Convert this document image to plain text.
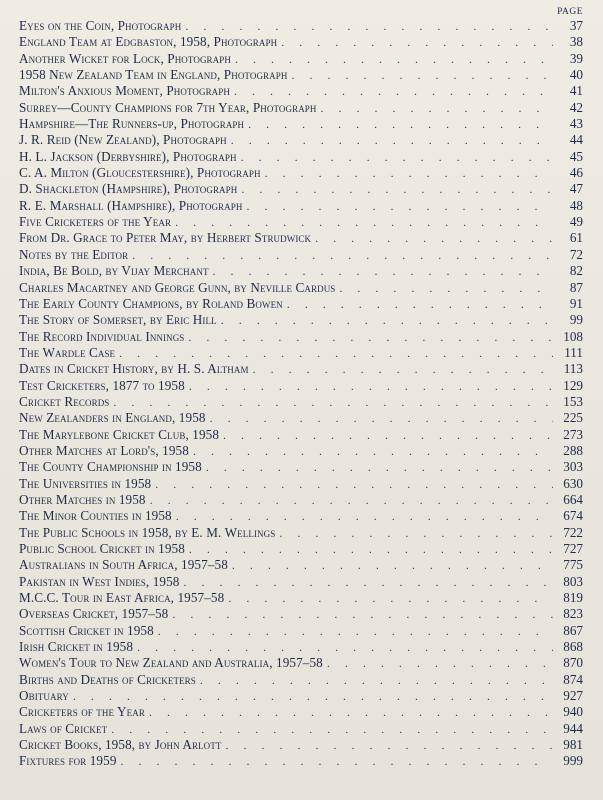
PAGE
Eyes on the Coin, Photograph . . .	37
England Team at Edgbaston, 1958, Photograph . . .	38
Another Wicket for Lock, Photograph . . .	39
1958 New Zealand Team in England, Photograph . . .	40
Milton's Anxious Moment, Photograph . . .	41
Surrey—County Champions for 7th Year, Photograph . . .	42
Hampshire—The Runners-up, Photograph . . .	43
J. R. Reid (New Zealand), Photograph . . .	44
H. L. Jackson (Derbyshire), Photograph . . .	45
C. A. Milton (Gloucestershire), Photograph . . .	46
D. Shackleton (Hampshire), Photograph . . .	47
R. E. Marshall (Hampshire), Photograph . . .	48
Five Cricketers of the Year . . .	49
From Dr. Grace to Peter May, by Herbert Strudwick . . .	61
Notes by the Editor . . .	72
India, Be Bold, by Vijay Merchant . . .	82
Charles Macartney and George Gunn, by Neville Cardus . . .	87
The Early County Champions, by Roland Bowen . . .	91
The Story of Somerset, by Eric Hill . . .	99
The Record Individual Innings . . .	108
The Wardle Case . . .	111
Dates in Cricket History, by H. S. Altham . . .	113
Test Cricketers, 1877 to 1958 . . .	129
Cricket Records . . .	153
New Zealanders in England, 1958 . . .	225
The Marylebone Cricket Club, 1958 . . .	273
Other Matches at Lord's, 1958 . . .	288
The County Championship in 1958 . . .	303
The Universities in 1958 . . .	630
Other Matches in 1958 . . .	664
The Minor Counties in 1958 . . .	674
The Public Schools in 1958, by E. M. Wellings . . .	722
Public School Cricket in 1958 . . .	727
Australians in South Africa, 1957–58 . . .	775
Pakistan in West Indies, 1958 . . .	803
M.C.C. Tour in East Africa, 1957–58 . . .	819
Overseas Cricket, 1957–58 . . .	823
Scottish Cricket in 1958 . . .	867
Irish Cricket in 1958 . . .	868
Women's Tour to New Zealand and Australia, 1957–58 . . .	870
Births and Deaths of Cricketers . . .	874
Obituary . . .	927
Cricketers of the Year . . .	940
Laws of Cricket . . .	944
Cricket Books, 1958, by John Arlott . . .	981
Fixtures for 1959 . . .	999
